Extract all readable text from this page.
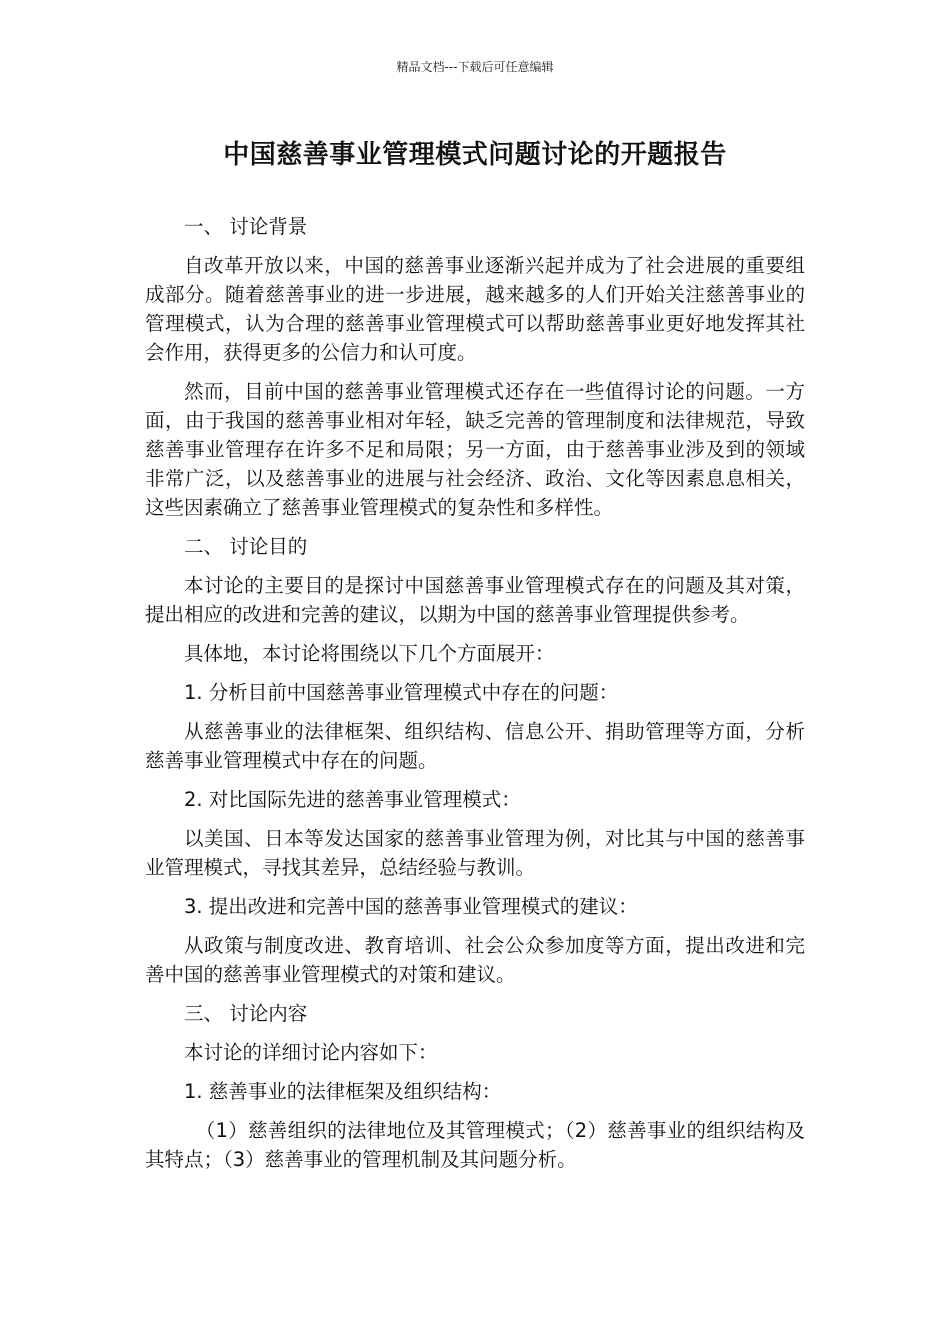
精品文档---下载后可任意编辑
中国慈善事业管理模式问题讨论的开题报告

一、 讨论背景

自改革开放以来，中国的慈善事业逐渐兴起并成为了社会进展的重要组成部分。随着慈善事业的进一步进展，越来越多的人们开始关注慈善事业的管理模式，认为合理的慈善事业管理模式可以帮助慈善事业更好地发挥其社会作用，获得更多的公信力和认可度。

然而，目前中国的慈善事业管理模式还存在一些值得讨论的问题。一方面，由于我国的慈善事业相对年轻，缺乏完善的管理制度和法律规范，导致慈善事业管理存在许多不足和局限；另一方面，由于慈善事业涉及到的领域非常广泛，以及慈善事业的进展与社会经济、政治、文化等因素息息相关，这些因素确立了慈善事业管理模式的复杂性和多样性。

二、 讨论目的

本讨论的主要目的是探讨中国慈善事业管理模式存在的问题及其对策，提出相应的改进和完善的建议，以期为中国的慈善事业管理提供参考。

具体地，本讨论将围绕以下几个方面展开：

1. 分析目前中国慈善事业管理模式中存在的问题：

从慈善事业的法律框架、组织结构、信息公开、捐助管理等方面，分析慈善事业管理模式中存在的问题。

2. 对比国际先进的慈善事业管理模式：

以美国、日本等发达国家的慈善事业管理为例，对比其与中国的慈善事业管理模式，寻找其差异，总结经验与教训。

3. 提出改进和完善中国的慈善事业管理模式的建议：

从政策与制度改进、教育培训、社会公众参加度等方面，提出改进和完善中国的慈善事业管理模式的对策和建议。

三、 讨论内容

本讨论的详细讨论内容如下：

1. 慈善事业的法律框架及组织结构：

（1）慈善组织的法律地位及其管理模式；（2）慈善事业的组织结构及其特点；（3）慈善事业的管理机制及其问题分析。
